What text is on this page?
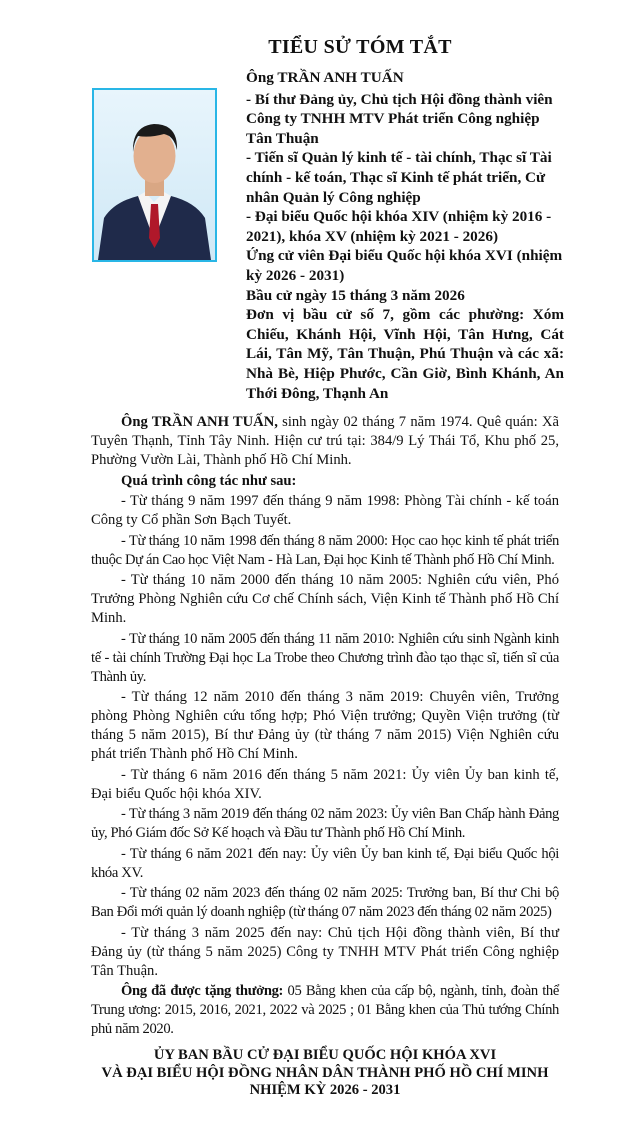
TIỂU SỬ TÓM TẮT

Ông TRẦN ANH TUẤN

- Bí thư Đảng ủy, Chủ tịch Hội đồng thành viên Công ty TNHH MTV Phát triển Công nghiệp Tân Thuận

- Tiến sĩ Quản lý kinh tế - tài chính, Thạc sĩ Tài chính - kế toán, Thạc sĩ Kinh tế phát triển, Cử nhân Quản lý Công nghiệp

- Đại biểu Quốc hội khóa XIV (nhiệm kỳ 2016 - 2021), khóa XV (nhiệm kỳ 2021 - 2026)

Ứng cử viên Đại biểu Quốc hội khóa XVI (nhiệm kỳ 2026 - 2031)

Bầu cử ngày 15 tháng 3 năm 2026

Đơn vị bầu cử số 7, gồm các phường: Xóm Chiếu, Khánh Hội, Vĩnh Hội, Tân Hưng, Cát Lái, Tân Mỹ, Tân Thuận, Phú Thuận và các xã: Nhà Bè, Hiệp Phước, Cần Giờ, Bình Khánh, An Thới Đông, Thạnh An

Ông TRẦN ANH TUẤN, sinh ngày 02 tháng 7 năm 1974. Quê quán: Xã Tuyên Thạnh, Tỉnh Tây Ninh. Hiện cư trú tại: 384/9 Lý Thái Tổ, Khu phố 25, Phường Vườn Lài, Thành phố Hồ Chí Minh.

Quá trình công tác như sau:

- Từ tháng 9 năm 1997 đến tháng 9 năm 1998: Phòng Tài chính - kế toán Công ty Cổ phần Sơn Bạch Tuyết.

- Từ tháng 10 năm 1998 đến tháng 8 năm 2000: Học cao học kinh tế phát triển thuộc Dự án Cao học Việt Nam - Hà Lan, Đại học Kinh tế Thành phố Hồ Chí Minh.

- Từ tháng 10 năm 2000 đến tháng 10 năm 2005: Nghiên cứu viên, Phó Trưởng Phòng Nghiên cứu Cơ chế Chính sách, Viện Kinh tế Thành phố Hồ Chí Minh.

- Từ tháng 10 năm 2005 đến tháng 11 năm 2010: Nghiên cứu sinh Ngành kinh tế - tài chính Trường Đại học La Trobe theo Chương trình đào tạo thạc sĩ, tiến sĩ của Thành ủy.

- Từ tháng 12 năm 2010 đến tháng 3 năm 2019: Chuyên viên, Trưởng phòng Phòng Nghiên cứu tổng hợp; Phó Viện trưởng; Quyền Viện trưởng (từ tháng 5 năm 2015), Bí thư Đảng ủy (từ tháng 7 năm 2015) Viện Nghiên cứu phát triển Thành phố Hồ Chí Minh.

- Từ tháng 6 năm 2016 đến tháng 5 năm 2021: Ủy viên Ủy ban kinh tế, Đại biểu Quốc hội khóa XIV.

- Từ tháng 3 năm 2019 đến tháng 02 năm 2023: Ủy viên Ban Chấp hành Đảng ủy, Phó Giám đốc Sở Kế hoạch và Đầu tư Thành phố Hồ Chí Minh.

- Từ tháng 6 năm 2021 đến nay: Ủy viên Ủy ban kinh tế, Đại biểu Quốc hội khóa XV.

- Từ tháng 02 năm 2023 đến tháng 02 năm 2025: Trưởng ban, Bí thư Chi bộ Ban Đổi mới quản lý doanh nghiệp (từ tháng 07 năm 2023 đến tháng 02 năm 2025)

- Từ tháng 3 năm 2025 đến nay: Chủ tịch Hội đồng thành viên, Bí thư Đảng ủy (từ tháng 5 năm 2025) Công ty TNHH MTV Phát triển Công nghiệp Tân Thuận.

Ông đã được tặng thưởng: 05 Bằng khen của cấp bộ, ngành, tỉnh, đoàn thể Trung ương: 2015, 2016, 2021, 2022 và 2025 ; 01 Bằng khen của Thủ tướng Chính phủ năm 2020.

ỦY BAN BẦU CỬ ĐẠI BIỂU QUỐC HỘI KHÓA XVI
VÀ ĐẠI BIỂU HỘI ĐỒNG NHÂN DÂN THÀNH PHỐ HỒ CHÍ MINH
NHIỆM KỲ 2026 - 2031
